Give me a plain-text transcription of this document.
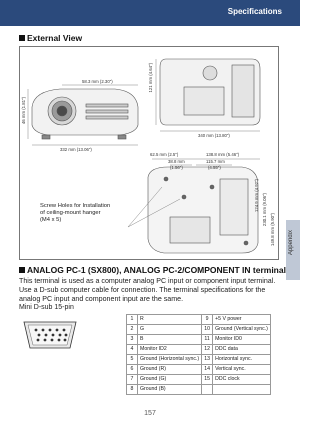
Specifications
Appendix
External View
46 mm (1.81")
58.3 mm (2.30")
332 mm (13.06")
340 mm (13.80")
121 mm (4.64")
62.5 mm (2.5")	138.8 mm (5.46")
38.8 mm
(1.56")
115.7 mm
(4.55")
124.9 mm (4.92") 230.1 mm (9.06")
149.8 mm (5.90")
Screw Holes for Installation
of ceiling-mount hanger
(M4 x 5)
ANALOG PC-1 (SX800), ANALOG PC-2/COMPONENT IN terminal
This terminal is used as a computer analog PC input or component input terminal. Use a D-sub computer cable for connection. The terminal specifications for the analog PC input and component input are the same.
Mini D-sub 15-pin
1	R	9	+5 V power
2	G	10	Ground (Vertical sync.)
3	B	11	Monitor ID0
4	Monitor ID2	12	DDC data
5	Ground (Horizontal sync.)	13	Horizontal sync.
6	Ground (R)	14	Vertical sync.
7	Ground (G)	15	DDC clock
8	Ground (B)		
157
